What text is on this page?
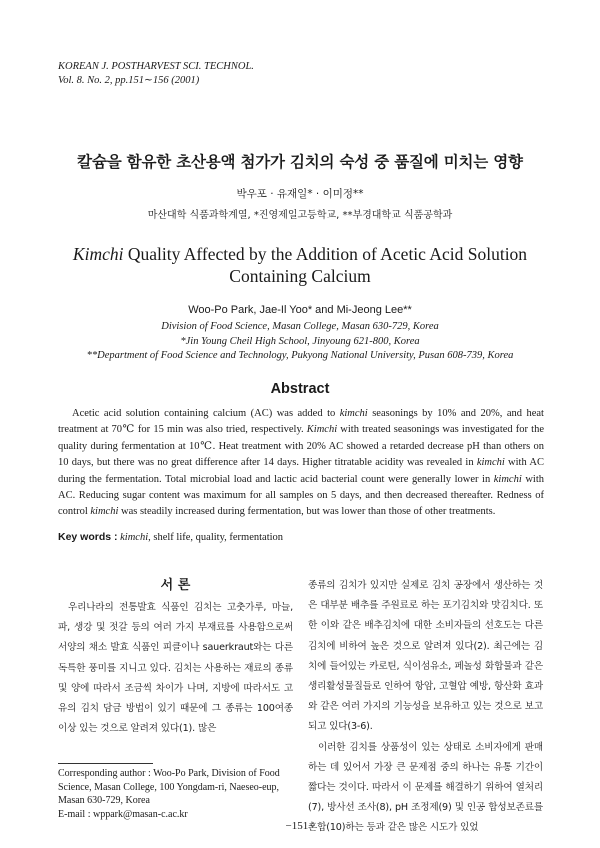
KOREAN J. POSTHARVEST SCI. TECHNOL.
Vol. 8. No. 2, pp.151∼156 (2001)
칼슘을 함유한 초산용액 첨가가 김치의 숙성 중 품질에 미치는 영향
박우포 · 유재일* · 이미정**
마산대학 식품과학계열, *진영제일고등학교, **부경대학교 식품공학과
Kimchi Quality Affected by the Addition of Acetic Acid Solution
Containing Calcium
Woo-Po Park, Jae-Il Yoo* and Mi-Jeong Lee**
Division of Food Science, Masan College, Masan 630-729, Korea
*Jin Young Cheil High School, Jinyoung 621-800, Korea
**Department of Food Science and Technology, Pukyong National University, Pusan 608-739, Korea
Abstract
Acetic acid solution containing calcium (AC) was added to kimchi seasonings by 10% and 20%, and heat treatment at 70℃ for 15 min was also tried, respectively. Kimchi with treated seasonings was investigated for the quality during fermentation at 10℃. Heat treatment with 20% AC showed a retarded decrease pH than others on 10 days, but there was no great difference after 14 days. Higher titratable acidity was revealed in kimchi with AC during the fermentation. Total microbial load and lactic acid bacterial count were generally lower in kimchi with AC. Reducing sugar content was maximum for all samples on 5 days, and then decreased thereafter. Redness of control kimchi was steadily increased during fermentation, but was lower than those of other treatments.
Key words : kimchi, shelf life, quality, fermentation
서 론
우리나라의 전통발효 식품인 김치는 고춧가루, 마늘, 파, 생강 및 젓갈 등의 여러 가지 부재료를 사용함으로써 서양의 채소 발효 식품인 피클이나 sauerkraut와는 다른 독특한 풍미를 지니고 있다. 김치는 사용하는 재료의 종류 및 양에 따라서 조금씩 차이가 나며, 지방에 따라서도 고유의 김치 담금 방법이 있기 때문에 그 종류는 100여종 이상 있는 것으로 알려져 있다(1). 많은

종류의 김치가 있지만 실제로 김치 공장에서 생산하는 것은 대부분 배추를 주원료로 하는 포기김치와 맛김치다. 또한 이와 같은 배추김치에 대한 소비자들의 선호도는 다른 김치에 비하여 높은 것으로 알려져 있다(2). 최근에는 김치에 들어있는 카로틴, 식이섬유소, 페놀성 화합물과 같은 생리활성물질들로 인하여 항암, 고혈압 예방, 항산화 효과와 같은 여러 가지의 기능성을 보유하고 있는 것으로 보고되고 있다(3-6).

이러한 김치를 상품성이 있는 상태로 소비자에게 판매하는 데 있어서 가장 큰 문제점 중의 하나는 유통 기간이 짧다는 것이다. 따라서 이 문제를 해결하기 위하여 열처리(7), 방사선 조사(8), pH 조정제(9) 및 인공 합성보존료를 혼합(10)하는 등과 같은 많은 시도가 있었

Corresponding author : Woo-Po Park, Division of Food Science, Masan College, 100 Yongdam-ri, Naeseo-eup, Masan 630-729, Korea
E-mail : wppark@masan-c.ac.kr
−151−
